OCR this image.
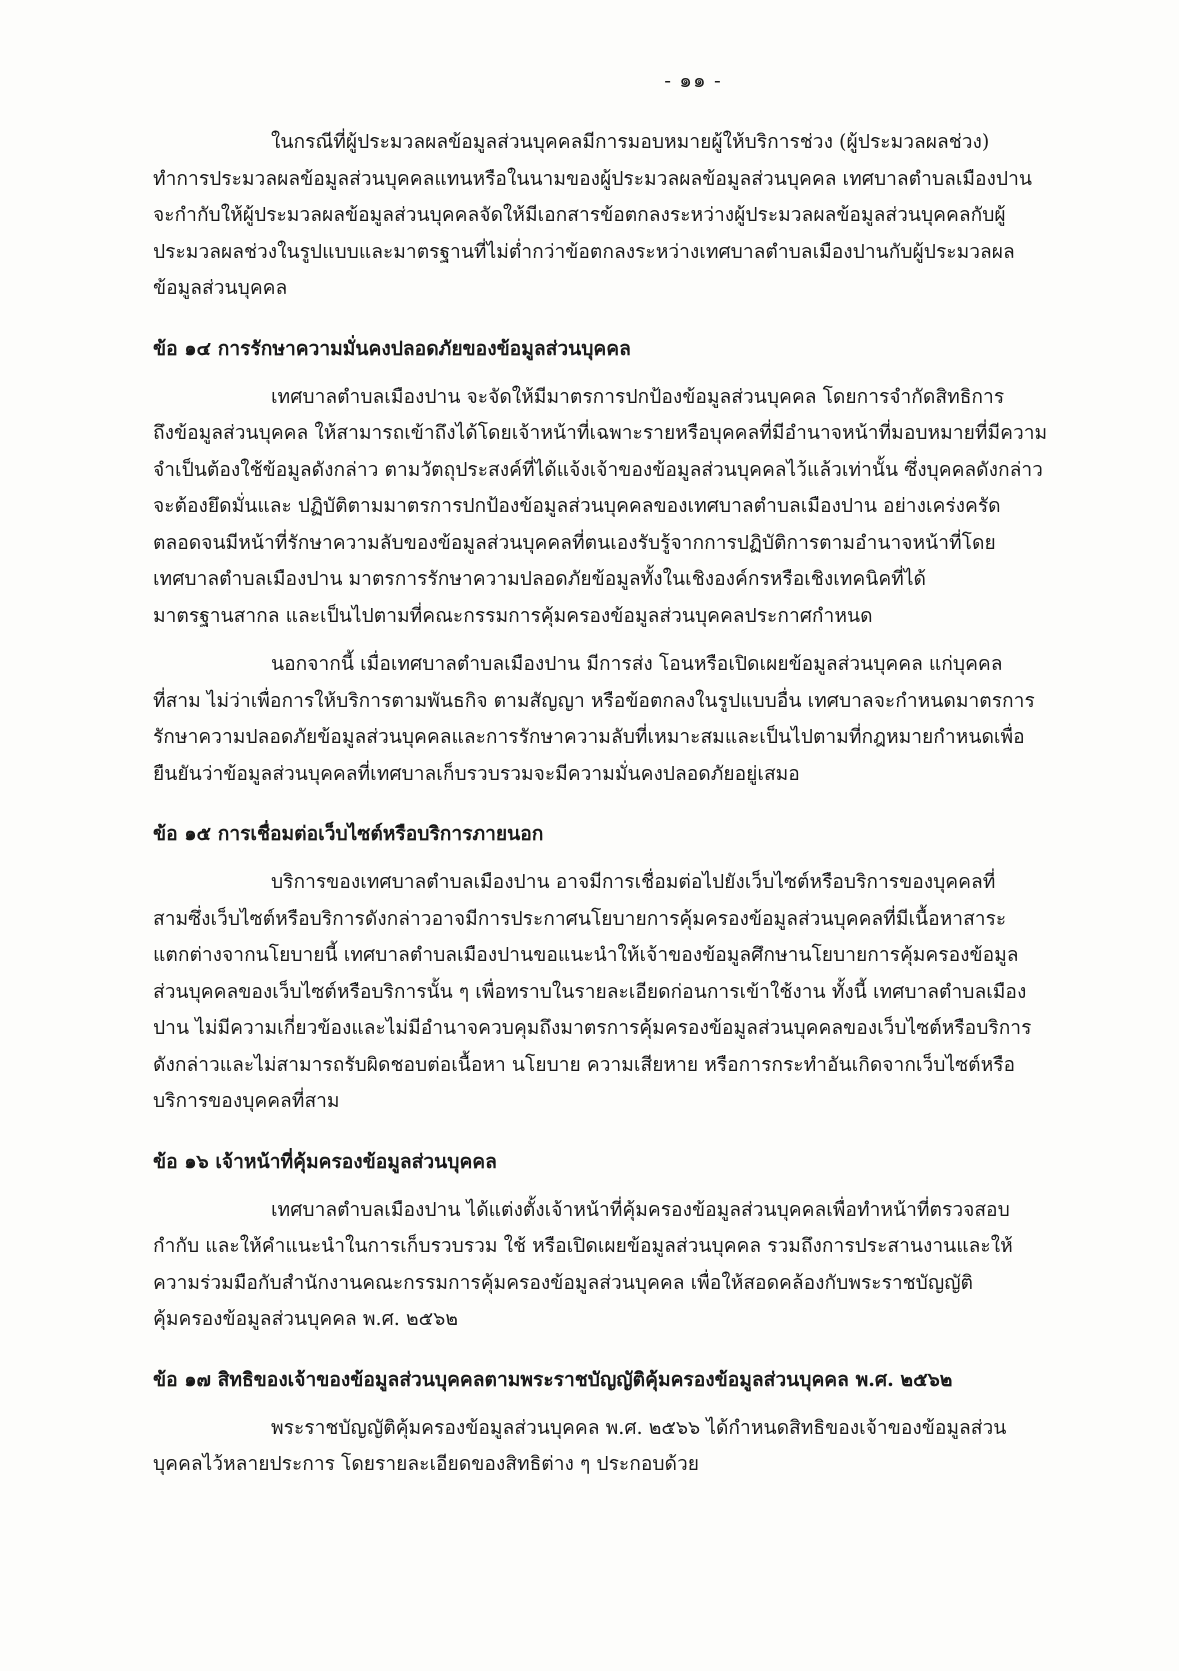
- ๑๑ -
ในกรณีที่ผู้ประมวลผลข้อมูลส่วนบุคคลมีการมอบหมายผู้ให้บริการช่วง (ผู้ประมวลผลช่วง)
ทำการประมวลผลข้อมูลส่วนบุคคลแทนหรือในนามของผู้ประมวลผลข้อมูลส่วนบุคคล เทศบาลตำบลเมืองปาน
จะกำกับให้ผู้ประมวลผลข้อมูลส่วนบุคคลจัดให้มีเอกสารข้อตกลงระหว่างผู้ประมวลผลข้อมูลส่วนบุคคลกับผู้
ประมวลผลช่วงในรูปแบบและมาตรฐานที่ไม่ต่ำกว่าข้อตกลงระหว่างเทศบาลตำบลเมืองปานกับผู้ประมวลผล
ข้อมูลส่วนบุคคล
ข้อ ๑๔ การรักษาความมั่นคงปลอดภัยของข้อมูลส่วนบุคคล
เทศบาลตำบลเมืองปาน จะจัดให้มีมาตรการปกป้องข้อมูลส่วนบุคคล โดยการจำกัดสิทธิการ
ถึงข้อมูลส่วนบุคคล ให้สามารถเข้าถึงได้โดยเจ้าหน้าที่เฉพาะรายหรือบุคคลที่มีอำนาจหน้าที่มอบหมายที่มีความ
จำเป็นต้องใช้ข้อมูลดังกล่าว ตามวัตถุประสงค์ที่ได้แจ้งเจ้าของข้อมูลส่วนบุคคลไว้แล้วเท่านั้น ซึ่งบุคคลดังกล่าว
จะต้องยึดมั่นและ ปฏิบัติตามมาตรการปกป้องข้อมูลส่วนบุคคลของเทศบาลตำบลเมืองปาน อย่างเคร่งครัด
ตลอดจนมีหน้าที่รักษาความลับของข้อมูลส่วนบุคคลที่ตนเองรับรู้จากการปฏิบัติการตามอำนาจหน้าที่โดย
เทศบาลตำบลเมืองปาน มาตรการรักษาความปลอดภัยข้อมูลทั้งในเชิงองค์กรหรือเชิงเทคนิคที่ได้
มาตรฐานสากล และเป็นไปตามที่คณะกรรมการคุ้มครองข้อมูลส่วนบุคคลประกาศกำหนด
นอกจากนี้ เมื่อเทศบาลตำบลเมืองปาน มีการส่ง โอนหรือเปิดเผยข้อมูลส่วนบุคคล แก่บุคคล
ที่สาม ไม่ว่าเพื่อการให้บริการตามพันธกิจ ตามสัญญา หรือข้อตกลงในรูปแบบอื่น เทศบาลจะกำหนดมาตรการ
รักษาความปลอดภัยข้อมูลส่วนบุคคลและการรักษาความลับที่เหมาะสมและเป็นไปตามที่กฎหมายกำหนดเพื่อ
ยืนยันว่าข้อมูลส่วนบุคคลที่เทศบาลเก็บรวบรวมจะมีความมั่นคงปลอดภัยอยู่เสมอ
ข้อ ๑๕ การเชื่อมต่อเว็บไซต์หรือบริการภายนอก
บริการของเทศบาลตำบลเมืองปาน อาจมีการเชื่อมต่อไปยังเว็บไซต์หรือบริการของบุคคลที่
สามซึ่งเว็บไซต์หรือบริการดังกล่าวอาจมีการประกาศนโยบายการคุ้มครองข้อมูลส่วนบุคคลที่มีเนื้อหาสาระ
แตกต่างจากนโยบายนี้ เทศบาลตำบลเมืองปานขอแนะนำให้เจ้าของข้อมูลศึกษานโยบายการคุ้มครองข้อมูล
ส่วนบุคคลของเว็บไซต์หรือบริการนั้น ๆ เพื่อทราบในรายละเอียดก่อนการเข้าใช้งาน ทั้งนี้ เทศบาลตำบลเมือง
ปาน ไม่มีความเกี่ยวข้องและไม่มีอำนาจควบคุมถึงมาตรการคุ้มครองข้อมูลส่วนบุคคลของเว็บไซต์หรือบริการ
ดังกล่าวและไม่สามารถรับผิดชอบต่อเนื้อหา นโยบาย ความเสียหาย หรือการกระทำอันเกิดจากเว็บไซต์หรือ
บริการของบุคคลที่สาม
ข้อ ๑๖ เจ้าหน้าที่คุ้มครองข้อมูลส่วนบุคคล
เทศบาลตำบลเมืองปาน ได้แต่งตั้งเจ้าหน้าที่คุ้มครองข้อมูลส่วนบุคคลเพื่อทำหน้าที่ตรวจสอบ
กำกับ และให้คำแนะนำในการเก็บรวบรวม ใช้ หรือเปิดเผยข้อมูลส่วนบุคคล รวมถึงการประสานงานและให้
ความร่วมมือกับสำนักงานคณะกรรมการคุ้มครองข้อมูลส่วนบุคคล เพื่อให้สอดคล้องกับพระราชบัญญัติ
คุ้มครองข้อมูลส่วนบุคคล พ.ศ. ๒๕๖๒
ข้อ ๑๗ สิทธิของเจ้าของข้อมูลส่วนบุคคลตามพระราชบัญญัติคุ้มครองข้อมูลส่วนบุคคล พ.ศ. ๒๕๖๒
พระราชบัญญัติคุ้มครองข้อมูลส่วนบุคคล พ.ศ. ๒๕๖๖ ได้กำหนดสิทธิของเจ้าของข้อมูลส่วน
บุคคลไว้หลายประการ โดยรายละเอียดของสิทธิต่าง ๆ ประกอบด้วย
